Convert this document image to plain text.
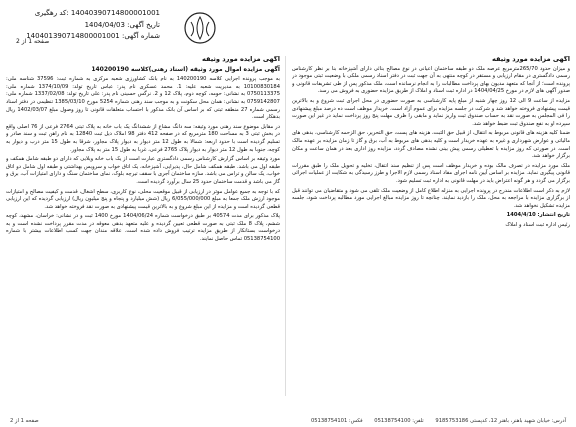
14040390714800001001 :کد رهگیری
تاریخ آگهی: 1404/04/03
شماره آگهی: 140401390714800001001
صفحه 1 از 2
آگهی مزایده مورد وثیقه

و میزان حدود 265/70مترمربع عرصه ملک دو طبقه ساختمان اعیانی در نوع مصالح بنائی دارای آشپزخانه بنا بر نظر کارشناس رسمی دادگستری در مقام ارزیابی و مستقر در کوچه منتهی به آن جهت ثبت در دفتر اسناد رسمی ملکی با وضعیت ثبتی موجود در پرونده است؛ از آنجا که متعهد مدیون بهای پرداخت مطالبات را به انجام نرسانده است، ملک مذکور پس از طی تشریفات قانونی و صدور آگهی های لازم در مورخ 1404/04/25 در اداره ثبت اسناد و املاک از طریق مزایده حضوری به فروش می رسد.

مزایده از ساعت 9 الی 12 روز چهار شنبه از مبلغ پایه کارشناسی به صورت حضوری در محل اجرای ثبت شروع و به بالاترین قیمت پیشنهادی فروخته خواهد شد و شرکت در جلسه مزایده برای عموم آزاد است. خریدار موظف است ده درصد مبلغ پیشنهادی را فی المجلس به صورت نقد به حساب صندوق ثبت واریز نماید و مابقی را ظرف مهلت پنج روز پرداخت نماید در غیر این صورت سپرده او به نفع صندوق ثبت ضبط خواهد شد.

ضمنا کلیه هزینه های قانونی مربوط به انتقال، از قبیل حق الثبت، هزینه های پست، حق التحریر، حق الزحمه کارشناسی، بدهی های مالیاتی و عوارض شهرداری و غیره به عهده خریدار است و کلیه بدهی های مربوط به آب، برق و گاز تا زمان مزایده بر عهده مالک است. در صورتی که روز مزایده با تعطیلی رسمی پیش بینی نشده مصادف گردد، مزایده روز اداری بعد در همان ساعت و مکان برگزار خواهد شد.

ملک مورد مزایده در تصرف مالک بوده و خریدار موظف است پس از تنظیم سند انتقال، تخلیه و تحویل ملک را طبق مقررات قانونی پیگیری نماید. مزایده بر اساس آیین نامه اجرای مفاد اسناد رسمی لازم الاجرا و طرز رسیدگی به شکایت از عملیات اجرائی برگزار می گردد و هر گونه اعتراض باید در مهلت قانونی به اداره ثبت تسلیم شود.

لازم به ذکر است اطلاعات مندرج در پرونده اجرایی به منزله اطلاع کامل از وضعیت ملک تلقی می شود و متقاضیان می توانند قبل از برگزاری مزایده با مراجعه به محل، ملک را بازدید نمایند. چنانچه تا روز مزایده مبالغ اجرایی مورد مطالبه پرداخت شود، جلسه مزایده تشکیل نخواهد شد.

تاریخ انتشار: 1404/4/10

رئیس اداره ثبت اسناد و املاک

آگهی مزایده مورد وثیقه
آگهی مزایده اموال مورد وثیقه (اسناد رهنی)کلاسه 140200190

به موجب پرونده اجرایی کلاسه 140200190 به نام بانک کشاورزی شعبه مرکزی به شماره ثبت: 37596 شناسه ملی: 10100830184 به مدیریت شعبه علیه: 1. محمد عسکری نام پدر: عباس تاریخ تولد: 1374/10/09 شماره ملی: 0750113375 به نشانی: حومه، کوچه دوم، پلاک 12 و 2. نرگس حسینی نام پدر: علی تاریخ تولد: 1337/02/08 شماره ملی: 0759142807 به نشانی: همان محل سکونت و به موجب سند رهنی شماره 5254 مورخ 1385/03/10 تنظیمی در دفتر اسناد رسمی شماره 27 منطقه ثبتی که بر اساس آن بانک مذکور با احتساب متعلقات قانونی تا روز وصول مبلغ 1402/03/07 ریال بدهکار است.

در مقابل موضوع سند رهنی مورد وثیقه: سه دانگ مشاع از ششدانگ یک باب خانه به پلاک ثبتی 2764 فرعی از 76 اصلی واقع در بخش ثبتی 3 به مساحت 180 مترمربع که در صفحه 412 دفتر 98 املاک ذیل ثبت 12840 به نام راهن ثبت و سند صادر و تسلیم گردیده است با حدود اربعه: شمالا به طول 12 متر دیوار به دیوار پلاک مجاور، شرقا به طول 15 متر درب و دیوار به کوچه، جنوبا به طول 12 متر دیوار به دیوار پلاک 2765 فرعی، غربا به طول 15 متر به پلاک مجاور.

مورد وثیقه بر اساس گزارش کارشناس رسمی دادگستری عبارت است از یک باب خانه ویلایی که دارای دو طبقه شامل همکف و طبقه اول می باشد. طبقه همکف شامل حال، پذیرایی، آشپزخانه، یک اتاق خواب و سرویس بهداشتی و طبقه اول شامل دو اتاق خواب، یک سالن و تراس می باشد. سازه ساختمان آجری با سقف تیرچه بلوک، نمای ساختمان سنگ و دارای امتیازات آب، برق و گاز می باشد و قدمت ساختمان حدود 25 سال برآورد گردیده است.

که با توجه به جمیع عوامل موثر در ارزیابی از قبیل موقعیت محلی، نوع کاربری، سطح اشغال، قدمت و کیفیت مصالح و امتیازات موجود ارزش ملک جمعا به مبلغ 6/055/000/000 ریال (شش میلیارد و پنجاه و پنج میلیون ریال) ارزیابی گردیده که این ارزیابی قطعی گردیده است و مزایده از این مبلغ شروع و به بالاترین قیمت پیشنهادی به صورت نقد فروخته خواهد شد.

پلاک مذکور برای مدت 40574 بر طبق درخواست شماره 1404/06/24 مورخ 1400 ثبت و در نشانی: خراسان، مشهد، کوچه ششم، پلاک 8 ملک ثبتی به صورت قطعی تعیین گردیده و علیه متعهد بدهی معوقه در مدت مقرر پرداخت نشده است و به درخواست بستانکار از طریق مزایده ترتیب فروش داده شده است. علاقه مندان جهت کسب اطلاعات بیشتر با شماره 05138754100 تماس حاصل نمایند.

آدرس: خیابان شهید باهنر، باهنر 12، کدپستی 9185753186 تلفن: 05138754100 فکس: 05138754101
صفحه 1 از 2
